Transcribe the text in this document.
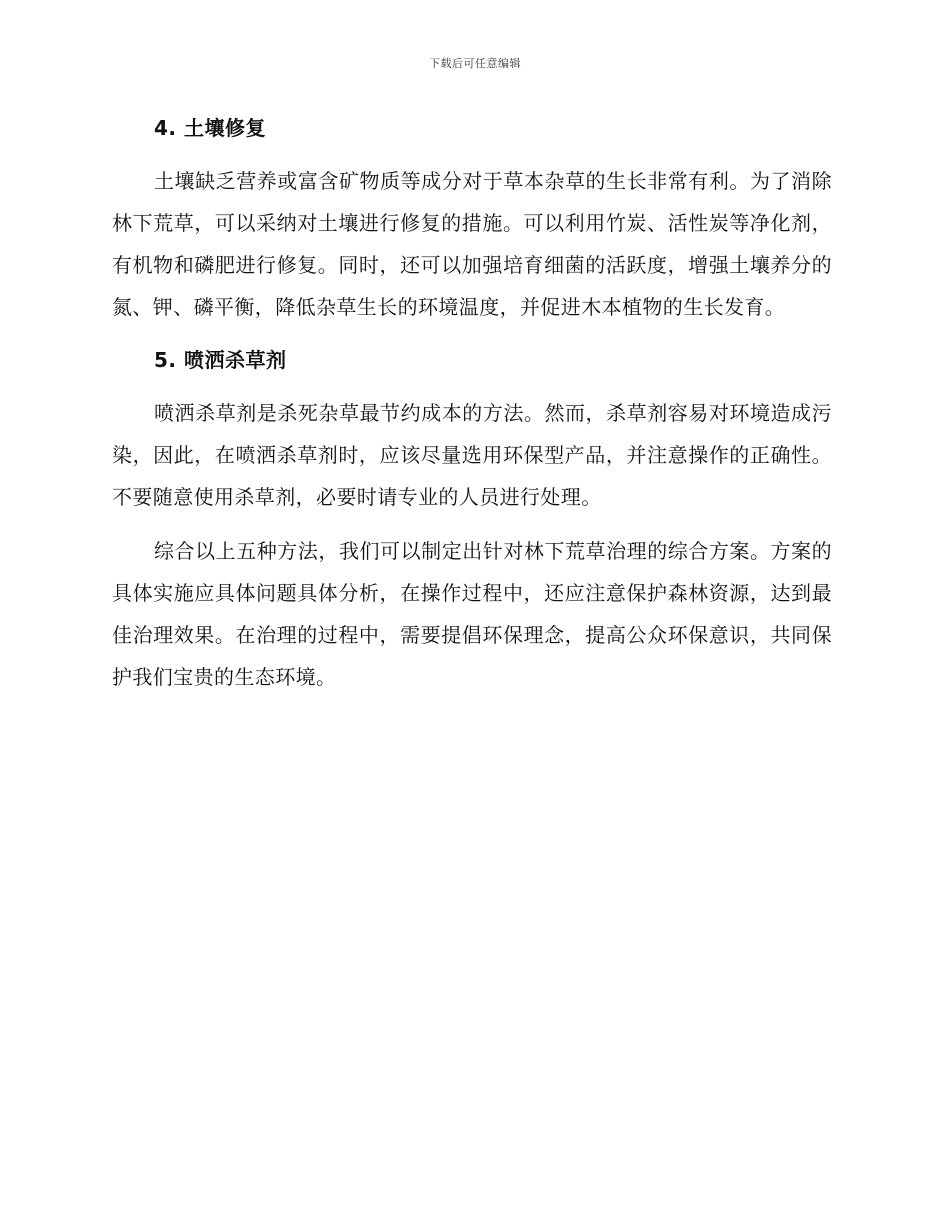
下载后可任意编辑
4. 土壤修复

土壤缺乏营养或富含矿物质等成分对于草本杂草的生长非常有利。为了消除林下荒草，可以采纳对土壤进行修复的措施。可以利用竹炭、活性炭等净化剂，有机物和磷肥进行修复。同时，还可以加强培育细菌的活跃度，增强土壤养分的氮、钾、磷平衡，降低杂草生长的环境温度，并促进木本植物的生长发育。

5. 喷洒杀草剂

喷洒杀草剂是杀死杂草最节约成本的方法。然而，杀草剂容易对环境造成污染，因此，在喷洒杀草剂时，应该尽量选用环保型产品，并注意操作的正确性。不要随意使用杀草剂，必要时请专业的人员进行处理。

综合以上五种方法，我们可以制定出针对林下荒草治理的综合方案。方案的具体实施应具体问题具体分析，在操作过程中，还应注意保护森林资源，达到最佳治理效果。在治理的过程中，需要提倡环保理念，提高公众环保意识，共同保护我们宝贵的生态环境。
